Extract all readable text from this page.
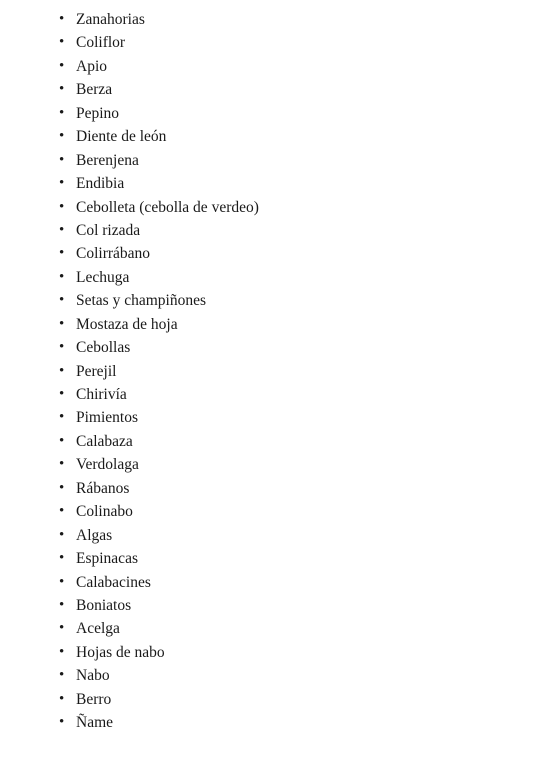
• Zanahorias
• Coliflor
• Apio
• Berza
• Pepino
• Diente de león
• Berenjena
• Endibia
• Cebolleta (cebolla de verdeo)
• Col rizada
• Colirrábano
• Lechuga
• Setas y champiñones
• Mostaza de hoja
• Cebollas
• Perejil
• Chirivía
• Pimientos
• Calabaza
• Verdolaga
• Rábanos
• Colinabo
• Algas
• Espinacas
• Calabacines
• Boniatos
• Acelga
• Hojas de nabo
• Nabo
• Berro
• Ñame
